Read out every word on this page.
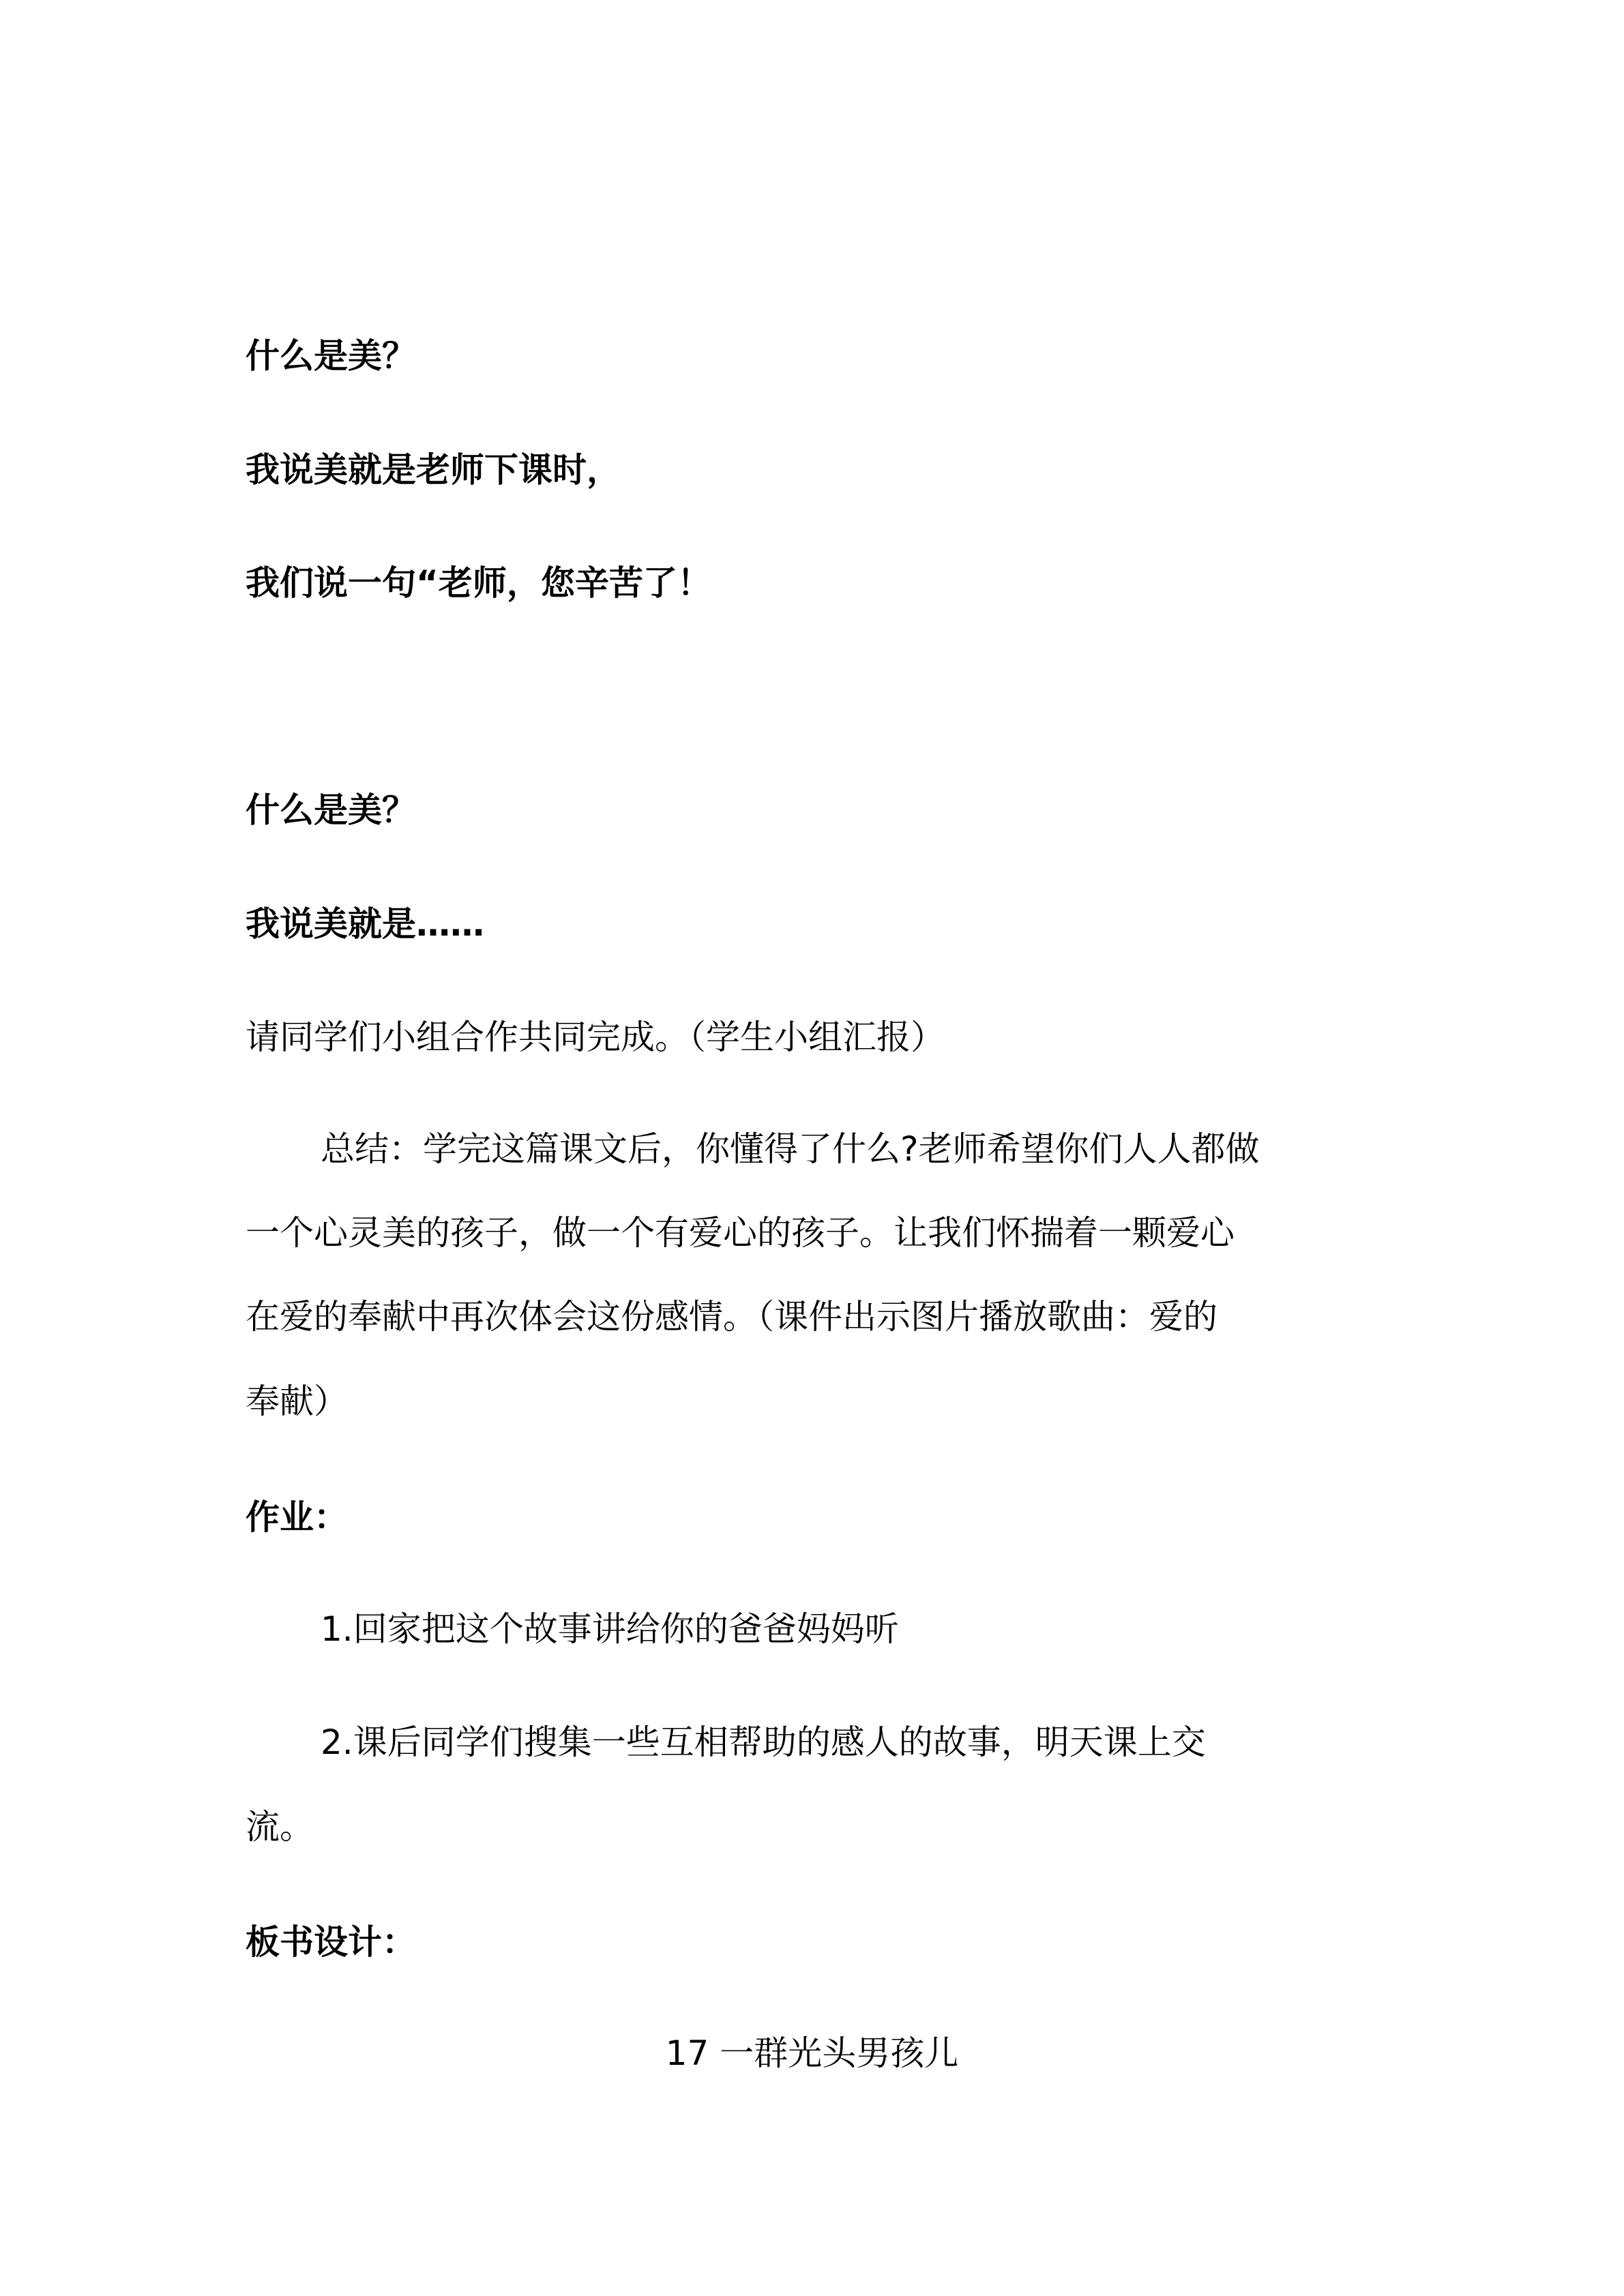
什么是美？
我说美就是老师下课时，
我们说一句“老师，您辛苦了！
什么是美？
我说美就是……
请同学们小组合作共同完成。（学生小组汇报）
总结：学完这篇课文后，你懂得了什么?老师希望你们人人都做
一个心灵美的孩子，做一个有爱心的孩子。让我们怀揣着一颗爱心
在爱的奉献中再次体会这份感情。（课件出示图片播放歌曲：爱的
奉献）
作业：
1.回家把这个故事讲给你的爸爸妈妈听
2.课后同学们搜集一些互相帮助的感人的故事，明天课上交
流。
板书设计：
17 一群光头男孩儿
